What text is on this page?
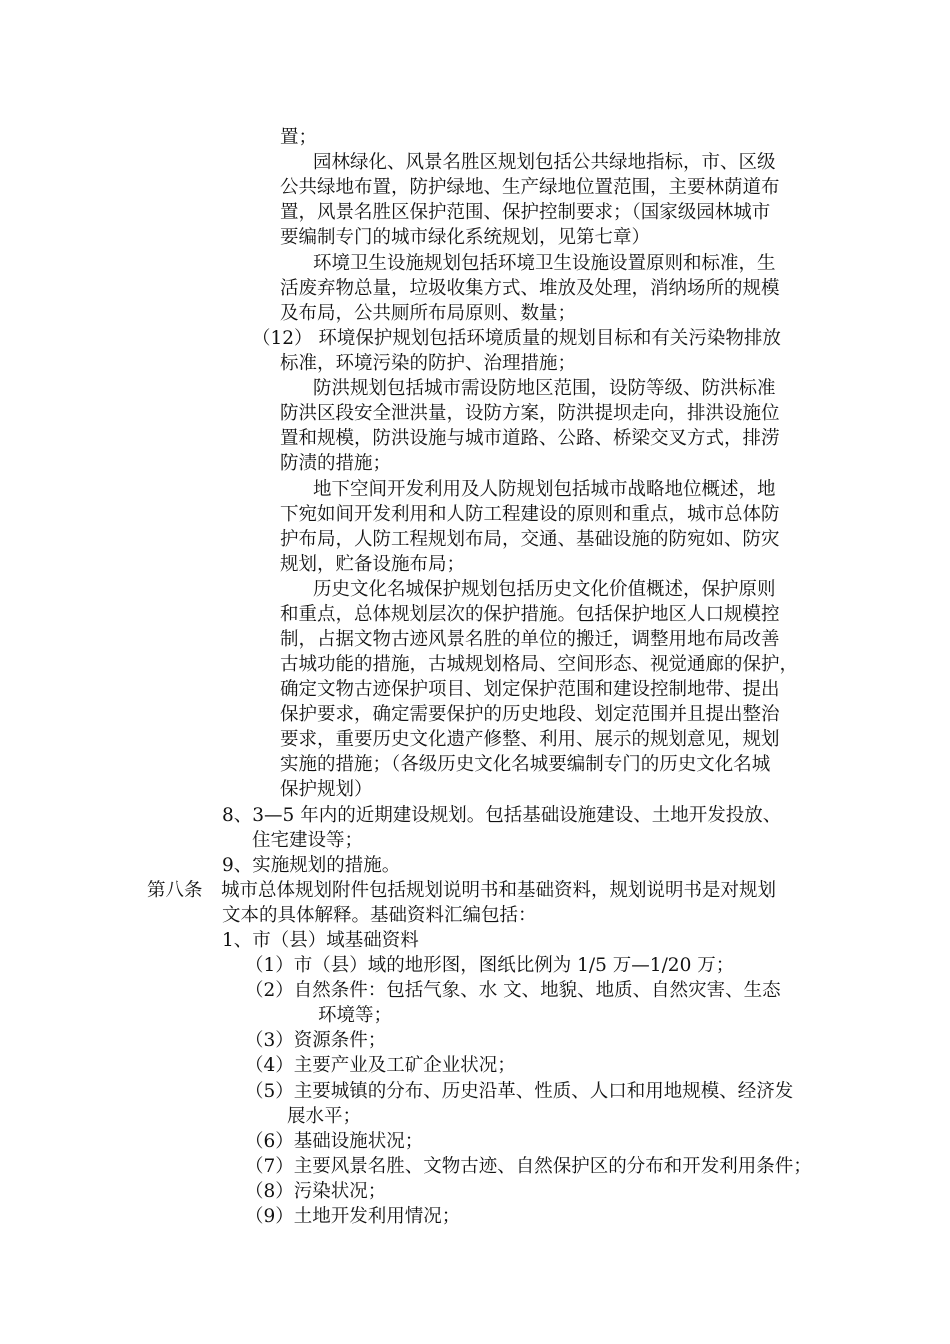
置；

园林绿化、风景名胜区规划包括公共绿地指标，市、区级

公共绿地布置，防护绿地、生产绿地位置范围，主要林荫道布

置，风景名胜区保护范围、保护控制要求；（国家级园林城市

要编制专门的城市绿化系统规划，见第七章）

环境卫生设施规划包括环境卫生设施设置原则和标准，生

活废弃物总量，垃圾收集方式、堆放及处理，消纳场所的规模

及布局，公共厕所布局原则、数量；

（12） 环境保护规划包括环境质量的规划目标和有关污染物排放

标准，环境污染的防护、治理措施；

防洪规划包括城市需设防地区范围，设防等级、防洪标准

防洪区段安全泄洪量，设防方案，防洪提坝走向，排洪设施位

置和规模，防洪设施与城市道路、公路、桥梁交叉方式，排涝

防渍的措施；

地下空间开发利用及人防规划包括城市战略地位概述，地

下宛如间开发利用和人防工程建设的原则和重点，城市总体防

护布局，人防工程规划布局，交通、基础设施的防宛如、防灾

规划，贮备设施布局；

历史文化名城保护规划包括历史文化价值概述，保护原则

和重点，总体规划层次的保护措施。包括保护地区人口规模控

制，占据文物古迹风景名胜的单位的搬迁，调整用地布局改善

古城功能的措施，古城规划格局、空间形态、视觉通廊的保护，

确定文物古迹保护项目、划定保护范围和建设控制地带、提出

保护要求，确定需要保护的历史地段、划定范围并且提出整治

要求，重要历史文化遗产修整、利用、展示的规划意见，规划

实施的措施；（各级历史文化名城要编制专门的历史文化名城

保护规划）

8、3—5 年内的近期建设规划。包括基础设施建设、土地开发投放、

住宅建设等；

9、实施规划的措施。

第八条　城市总体规划附件包括规划说明书和基础资料，规划说明书是对规划

文本的具体解释。基础资料汇编包括：

1、市（县）域基础资料

（1）市（县）域的地形图，图纸比例为 1/5 万—1/20 万；

（2）自然条件：包括气象、水 文、地貌、地质、自然灾害、生态

环境等；

（3）资源条件；

（4）主要产业及工矿企业状况；

（5）主要城镇的分布、历史沿革、性质、人口和用地规模、经济发

展水平；

（6）基础设施状况；

（7）主要风景名胜、文物古迹、自然保护区的分布和开发利用条件；

（8）污染状况；

（9）土地开发利用情况；
